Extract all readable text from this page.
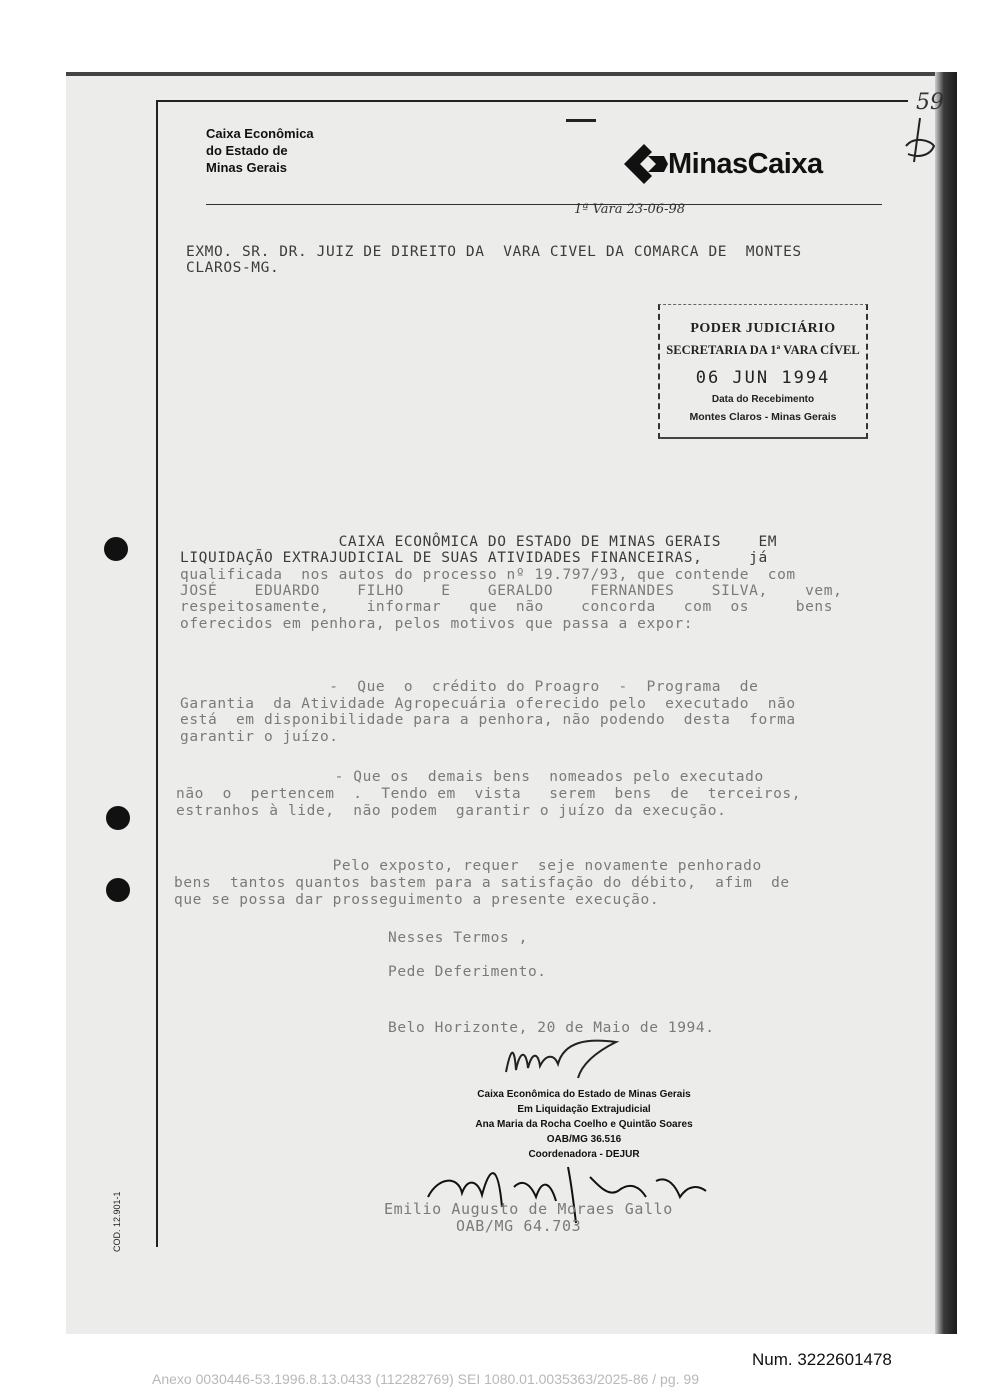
Caixa Econômica
do Estado de
Minas Gerais	MinasCaixa
59
1ª Vara 23-06-98
EXMO. SR. DR. JUIZ DE DIREITO DA  VARA CIVEL DA COMARCA DE  MONTES
CLAROS-MG.
PODER JUDICIÁRIO
SECRETARIA DA 1ª VARA CÍVEL
06 JUN 1994
Data do Recebimento
Montes Claros - Minas Gerais
CAIXA ECONÔMICA DO ESTADO DE MINAS GERAIS    EM
LIQUIDAÇÃO EXTRAJUDICIAL DE SUAS ATIVIDADES FINANCEIRAS,     já
qualificada  nos autos do processo nº 19.797/93, que contende  com
JOSÉ    EDUARDO    FILHO    E    GERALDO    FERNANDES    SILVA,    vem,
respeitosamente,    informar   que  não    concorda   com  os     bens
oferecidos em penhora, pelos motivos que passa a expor:
-  Que  o  crédito do Proagro  -  Programa  de
Garantia  da Atividade Agropecuária oferecido pelo  executado  não
está  em disponibilidade para a penhora, não podendo  desta  forma
garantir o juízo.
- Que os  demais bens  nomeados pelo executado
não  o  pertencem  .  Tendo em  vista   serem  bens  de  terceiros,
estranhos à lide,  não podem  garantir o juízo da execução.
Pelo exposto, requer  seje novamente penhorado
bens  tantos quantos bastem para a satisfação do débito,  afim  de
que se possa dar prosseguimento a presente execução.
Nesses Termos ,
Pede Deferimento.
Belo Horizonte, 20 de Maio de 1994.
Caixa Econômica do Estado de Minas Gerais
Em Liquidação Extrajudicial
Ana Maria da Rocha Coelho e Quintão Soares
OAB/MG 36.516
Coordenadora - DEJUR
Emilio Augusto de Moraes Gallo
OAB/MG 64.703
COD. 12.901-1
Num. 3222601478
Anexo 0030446-53.1996.8.13.0433 (112282769) SEI 1080.01.0035363/2025-86 / pg. 99
